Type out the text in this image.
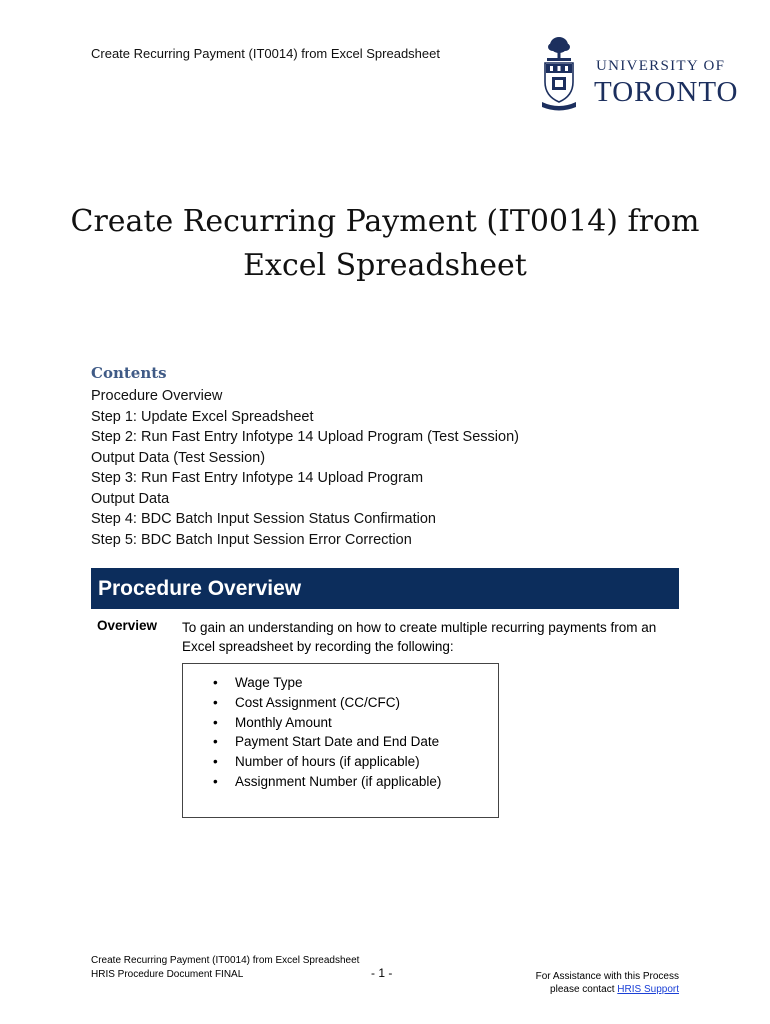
Create Recurring Payment (IT0014) from Excel Spreadsheet
UNIVERSITY OF
TORONTO
Create Recurring Payment (IT0014) from
Excel Spreadsheet
Contents
Procedure Overview
Step 1: Update Excel Spreadsheet
Step 2: Run Fast Entry Infotype 14 Upload Program (Test Session)
Output Data (Test Session)
Step 3: Run Fast Entry Infotype 14 Upload Program
Output Data
Step 4: BDC Batch Input Session Status Confirmation
Step 5: BDC Batch Input Session Error Correction
Procedure Overview
Overview To gain an understanding on how to create multiple recurring payments from an Excel spreadsheet by recording the following:
• Wage Type
• Cost Assignment (CC/CFC)
• Monthly Amount
• Payment Start Date and End Date
• Number of hours (if applicable)
• Assignment Number (if applicable)
Create Recurring Payment (IT0014) from Excel Spreadsheet
HRIS Procedure Document FINAL	- 1 -	For Assistance with this Process
please contact HRIS Support
